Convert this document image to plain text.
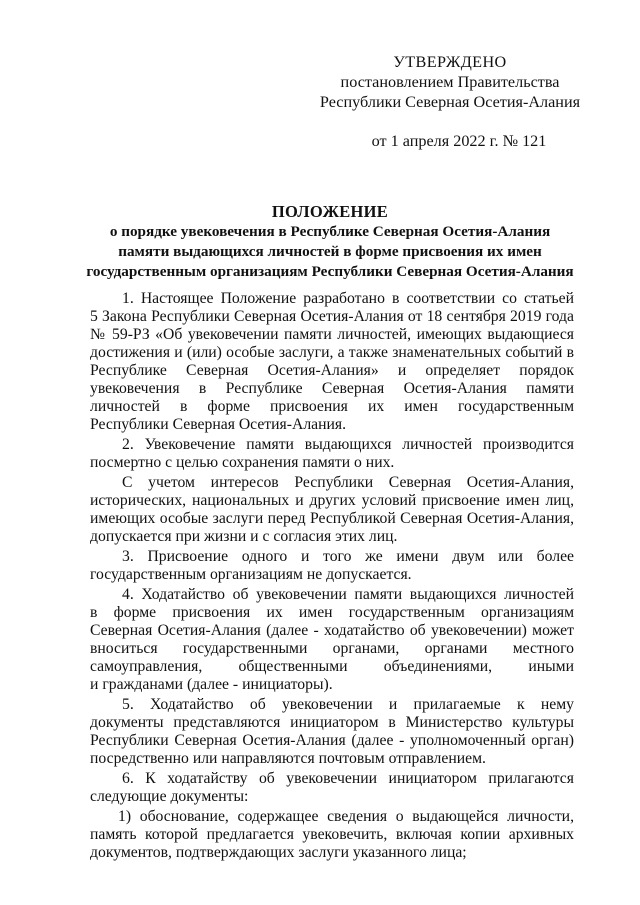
УТВЕРЖДЕНО
постановлением Правительства
Республики Северная Осетия-Алания
от 1 апреля 2022 г. № 121
ПОЛОЖЕНИЕ
о порядке увековечения в Республике Северная Осетия-Алания
памяти выдающихся личностей в форме присвоения их имен
государственным организациям Республики Северная Осетия-Алания
1. Настоящее Положение разработано в соответствии со статьей
5 Закона Республики Северная Осетия-Алания от 18 сентября 2019 года
№ 59-РЗ «Об увековечении памяти личностей, имеющих выдающиеся
достижения и (или) особые заслуги, а также знаменательных событий в
Республике Северная Осетия-Алания» и определяет порядок
увековечения в Республике Северная Осетия-Алания памяти
личностей в форме присвоения их имен государственным
Республики Северная Осетия-Алания.
2. Увековечение памяти выдающихся личностей производится
посмертно с целью сохранения памяти о них.
С учетом интересов Республики Северная Осетия-Алания,
исторических, национальных и других условий присвоение имен лиц,
имеющих особые заслуги перед Республикой Северная Осетия-Алания,
допускается при жизни и с согласия этих лиц.
3. Присвоение одного и того же имени двум или более
государственным организациям не допускается.
4. Ходатайство об увековечении памяти выдающихся личностей
в форме присвоения их имен государственным организациям
Северная Осетия-Алания (далее - ходатайство об увековечении) может
вноситься государственными органами, органами местного
самоуправления, общественными объединениями, иными
и гражданами (далее - инициаторы).
5. Ходатайство об увековечении и прилагаемые к нему
документы представляются инициатором в Министерство культуры
Республики Северная Осетия-Алания (далее - уполномоченный орган)
посредственно или направляются почтовым отправлением.
6. К ходатайству об увековечении инициатором прилагаются
следующие документы:
1) обоснование, содержащее сведения о выдающейся личности,
память которой предлагается увековечить, включая копии архивных
документов, подтверждающих заслуги указанного лица;
